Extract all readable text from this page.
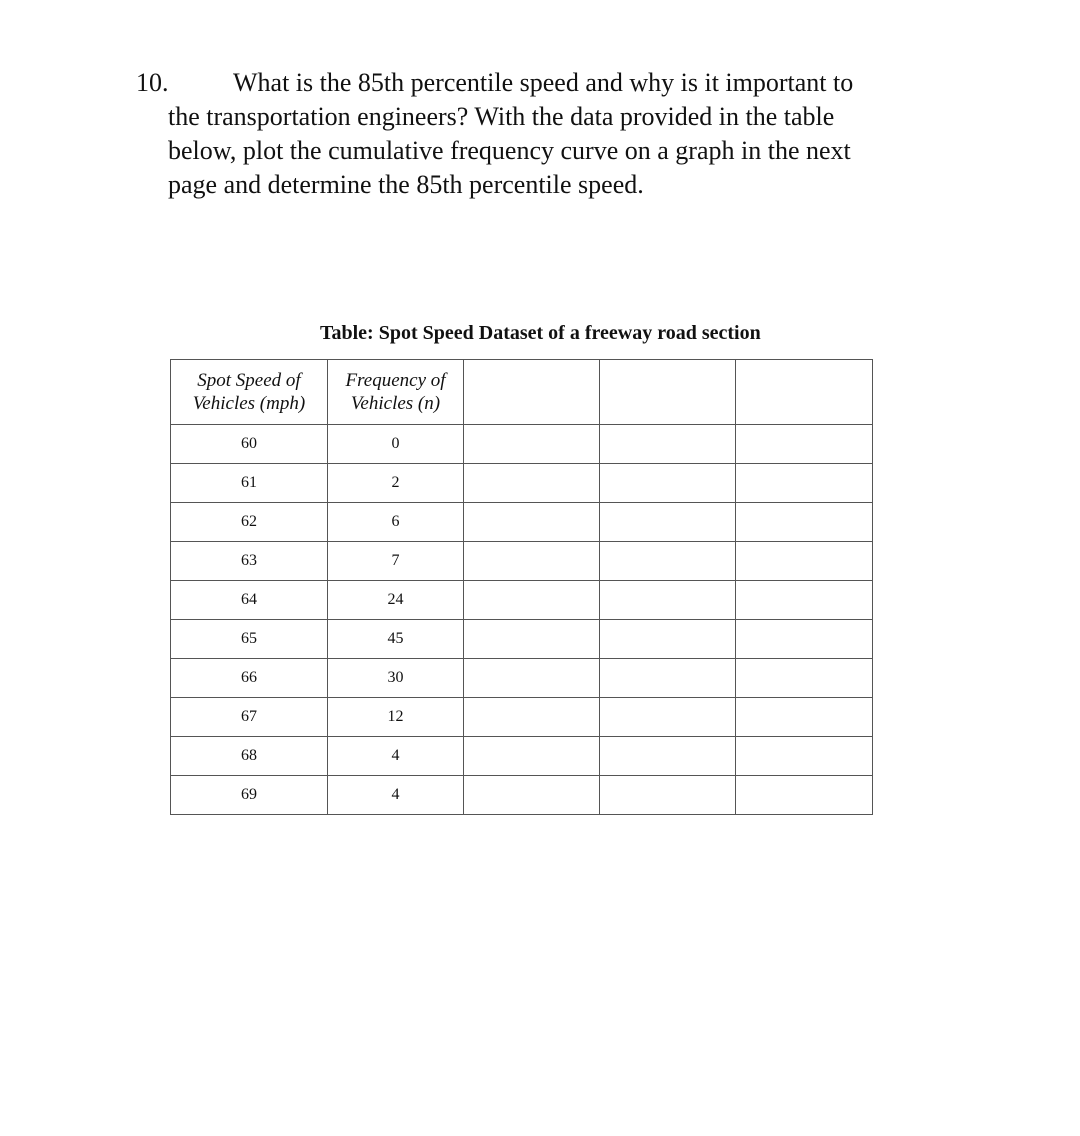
10. What is the 85th percentile speed and why is it important to
the transportation engineers? With the data provided in the table
below, plot the cumulative frequency curve on a graph in the next
page and determine the 85th percentile speed.
Table: Spot Speed Dataset of a freeway road section
Spot Speed of
Vehicles (mph)	Frequency of
Vehicles (n)			
60	0			
61	2			
62	6			
63	7			
64	24			
65	45			
66	30			
67	12			
68	4			
69	4			
